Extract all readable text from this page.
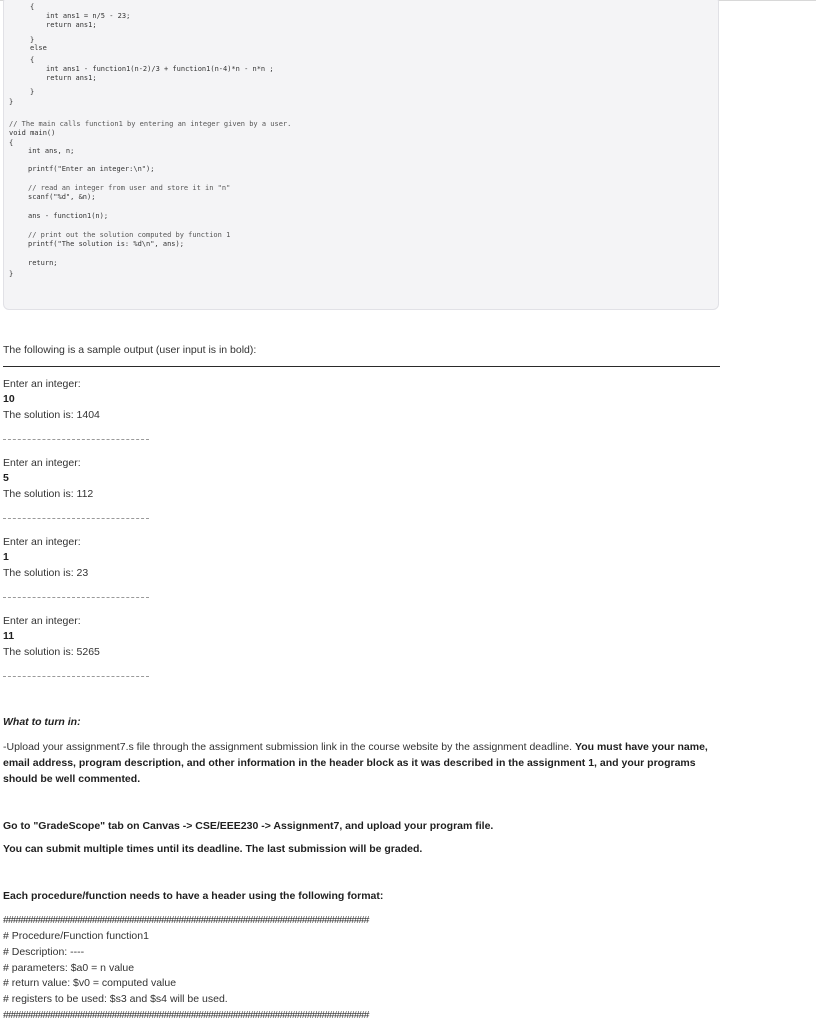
{
int ans1 = n/5 - 23;
return ans1;
}
else
{
int ans1 - function1(n-2)/3 + function1(n-4)*n - n*n ;
return ans1;
}
}
// The main calls function1 by entering an integer given by a user.
void main()
{
int ans, n;
printf("Enter an integer:\n");
// read an integer from user and store it in "n"
scanf("%d", &n);
ans - function1(n);
// print out the solution computed by function 1
printf("The solution is: %d\n", ans);
return;
}
The following is a sample output (user input is in bold):
Enter an integer:
10
The solution is: 1404
Enter an integer:
5
The solution is: 112
Enter an integer:
1
The solution is: 23
Enter an integer:
11
The solution is: 5265
What to turn in:
-Upload your assignment7.s file through the assignment submission link in the course website by the assignment deadline. You must have your name, email address, program description, and other information in the header block as it was described in the assignment 1, and your programs should be well commented.
Go to "GradeScope" tab on Canvas -> CSE/EEE230 -> Assignment7, and upload your program file.
You can submit multiple times until its deadline. The last submission will be graded.
Each procedure/function needs to have a header using the following format:
##########################################################################
# Procedure/Function function1
# Description: ----
# parameters: $a0 = n value
# return value: $v0 = computed value
# registers to be used: $s3 and $s4 will be used.
##########################################################################
